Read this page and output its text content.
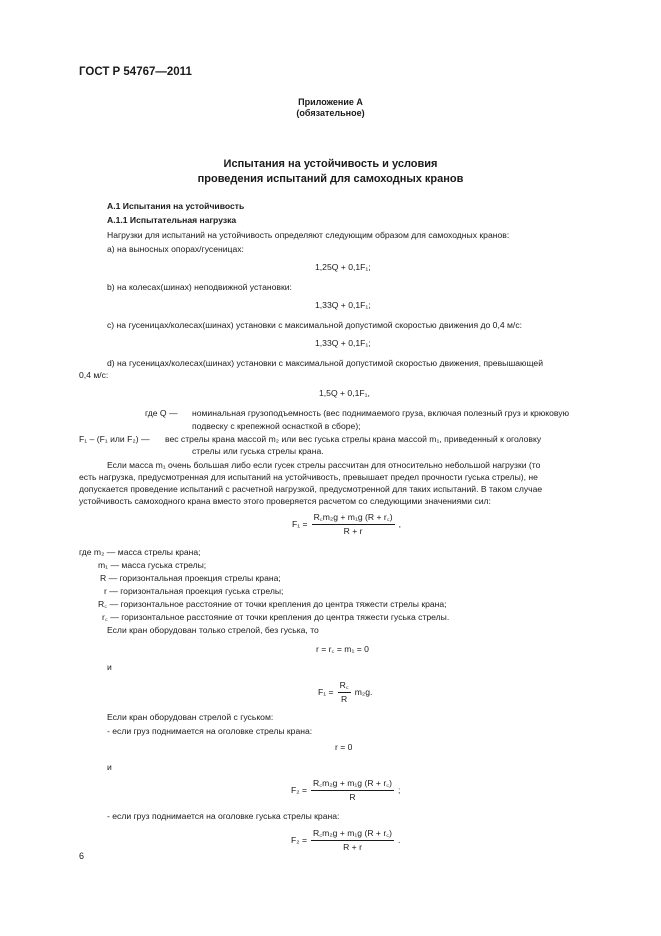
ГОСТ Р 54767—2011
Приложение А
(обязательное)
Испытания на устойчивость и условия
проведения испытаний для самоходных кранов
А.1 Испытания на устойчивость
А.1.1 Испытательная нагрузка
Нагрузки для испытаний на устойчивость определяют следующим образом для самоходных кранов:
а) на выносных опорах/гусеницах:
1,25Q + 0,1F₁;
b) на колесах(шинах) неподвижной установки:
1,33Q + 0,1F₁;
с) на гусеницах/колесах(шинах) установки с максимальной допустимой скоростью движения до 0,4 м/с:
1,33Q + 0,1F₁;
d) на гусеницах/колесах(шинах) установки с максимальной допустимой скоростью движения, превышающей
0,4 м/с:
1,5Q + 0,1F₁,
где Q — номинальная грузоподъемность (вес поднимаемого груза, включая полезный груз и крюковую
подвеску с крепежной оснасткой в сборе);
F₁ – (F₁ или F₂) — вес стрелы крана массой m₂ или вес гуська стрелы крана массой m₁, приведенный к оголовку
стрелы или гуська стрелы крана.
Если масса m₁ очень большая либо если гусек стрелы рассчитан для относительно небольшой нагрузки (то
есть нагрузка, предусмотренная для испытаний на устойчивость, превышает предел прочности гуська стрелы), не
допускается проведение испытаний с расчетной нагрузкой, предусмотренной для таких испытаний. В таком случае
устойчивость самоходного крана вместо этого проверяется расчетом со следующими значениями сил:
$F_1 = \frac{\text{R꜀m₂g + m₁g (R + r꜀)}}{R + r}$ ,
где m₂ — масса стрелы крана;
m₁ — масса гуська стрелы;
R — горизонтальная проекция стрелы крана;
r — горизонтальная проекция гуська стрелы;
R꜀ — горизонтальное расстояние от точки крепления до центра тяжести стрелы крана;
r꜀ — горизонтальное расстояние от точки крепления до центра тяжести гуська стрелы.
Если кран оборудован только стрелой, без гуська, то
r = r꜀ = m₁ = 0
и
$F_1 = \frac{R꜀}{R} m_2g$.
Если кран оборудован стрелой с гуськом:
- если груз поднимается на оголовке стрелы крана:
r = 0
и
$F_2 = \frac{\text{R꜀m₂g + m₁g (R + r꜀)}}{R}$ ;
- если груз поднимается на оголовке гуська стрелы крана:
$F_2 = \frac{\text{R꜀m₂g + m₁g (R + r꜀)}}{R + r}$ .
6
